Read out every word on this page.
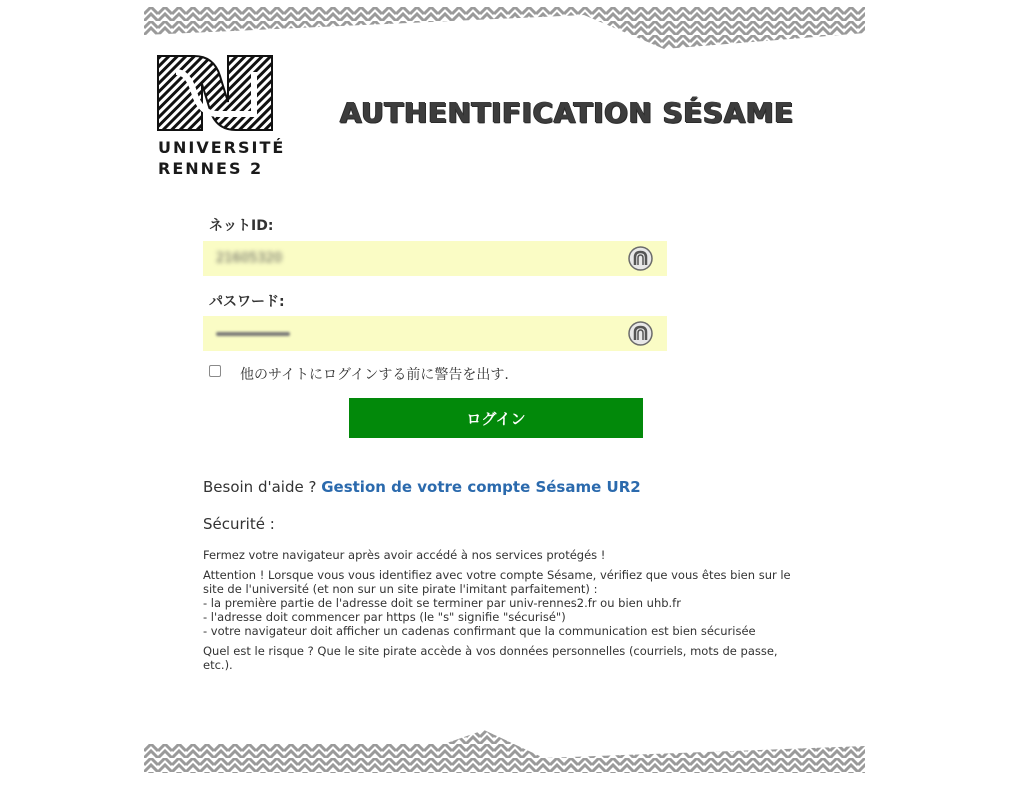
UNIVERSITÉ
RENNES 2
AUTHENTIFICATION SÉSAME
ネットID:
21605320
パスワード:
他のサイトにログインする前に警告を出す.
ログイン
Besoin d'aide ? Gestion de votre compte Sésame UR2
Sécurité :

Fermez votre navigateur après avoir accédé à nos services protégés !

Attention ! Lorsque vous vous identifiez avec votre compte Sésame, vérifiez que vous êtes bien sur le
site de l'université (et non sur un site pirate l'imitant parfaitement) :
- la première partie de l'adresse doit se terminer par univ-rennes2.fr ou bien uhb.fr
- l'adresse doit commencer par https (le "s" signifie "sécurisé")
- votre navigateur doit afficher un cadenas confirmant que la communication est bien sécurisée

Quel est le risque ? Que le site pirate accède à vos données personnelles (courriels, mots de passe,
etc.).
